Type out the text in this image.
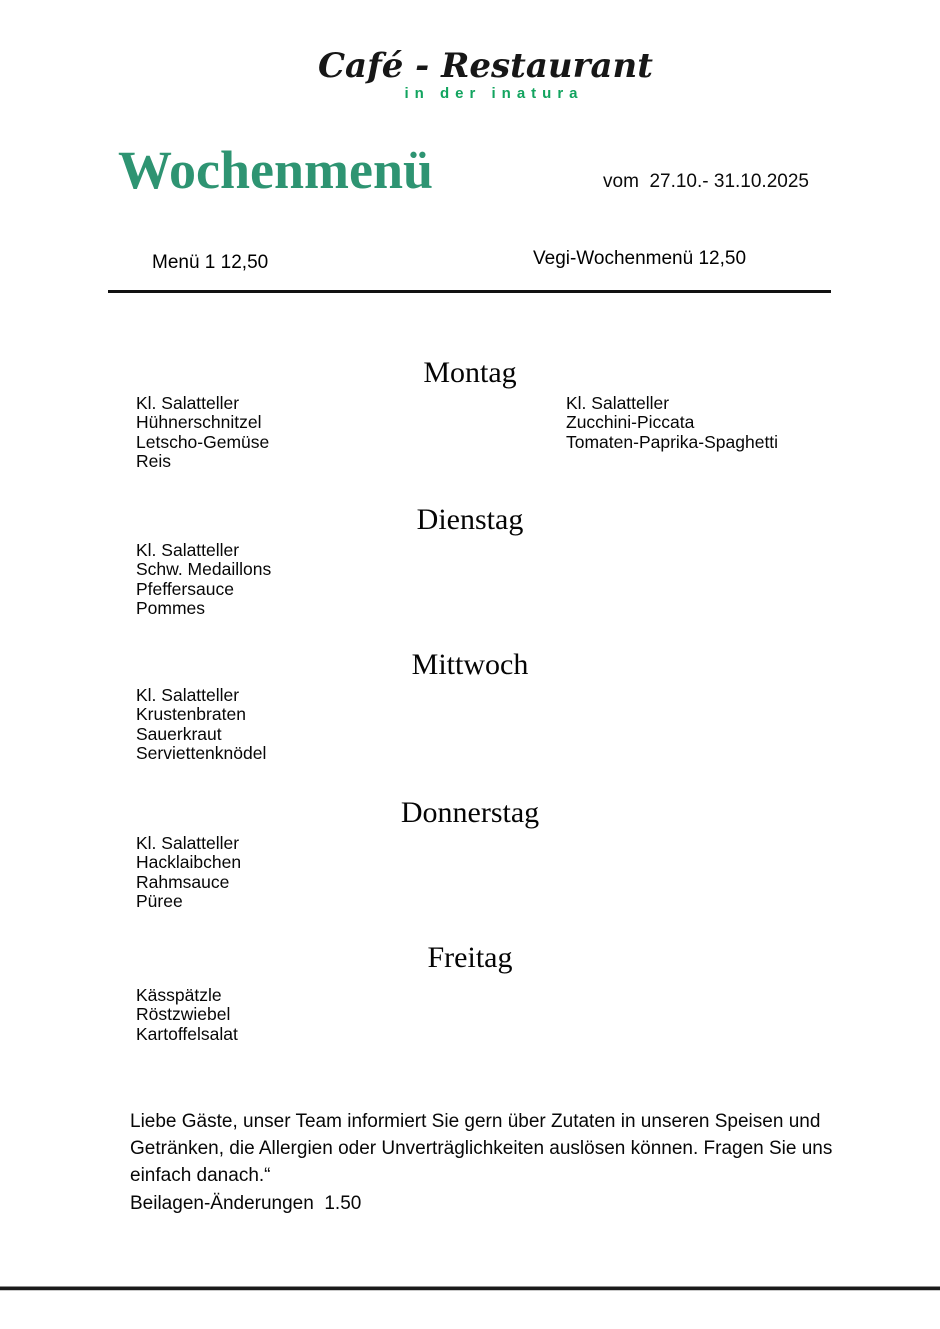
Café - Restaurant
in der inatura
Wochenmenü	vom  27.10.- 31.10.2025
Menü 1 12,50	Vegi-Wochenmenü 12,50
Montag
Kl. Salatteller
Hühnerschnitzel
Letscho-Gemüse
Reis
Kl. Salatteller
Zucchini-Piccata
Tomaten-Paprika-Spaghetti
Dienstag
Kl. Salatteller
Schw. Medaillons
Pfeffersauce
Pommes
Mittwoch
Kl. Salatteller
Krustenbraten
Sauerkraut
Serviettenknödel
Donnerstag
Kl. Salatteller
Hacklaibchen
Rahmsauce
Püree
Freitag
Kässpätzle
Röstzwiebel
Kartoffelsalat

Liebe Gäste, unser Team informiert Sie gern über Zutaten in unseren Speisen und Getränken, die Allergien oder Unverträglichkeiten auslösen können. Fragen Sie uns einfach danach.“

Beilagen-Änderungen  1.50
